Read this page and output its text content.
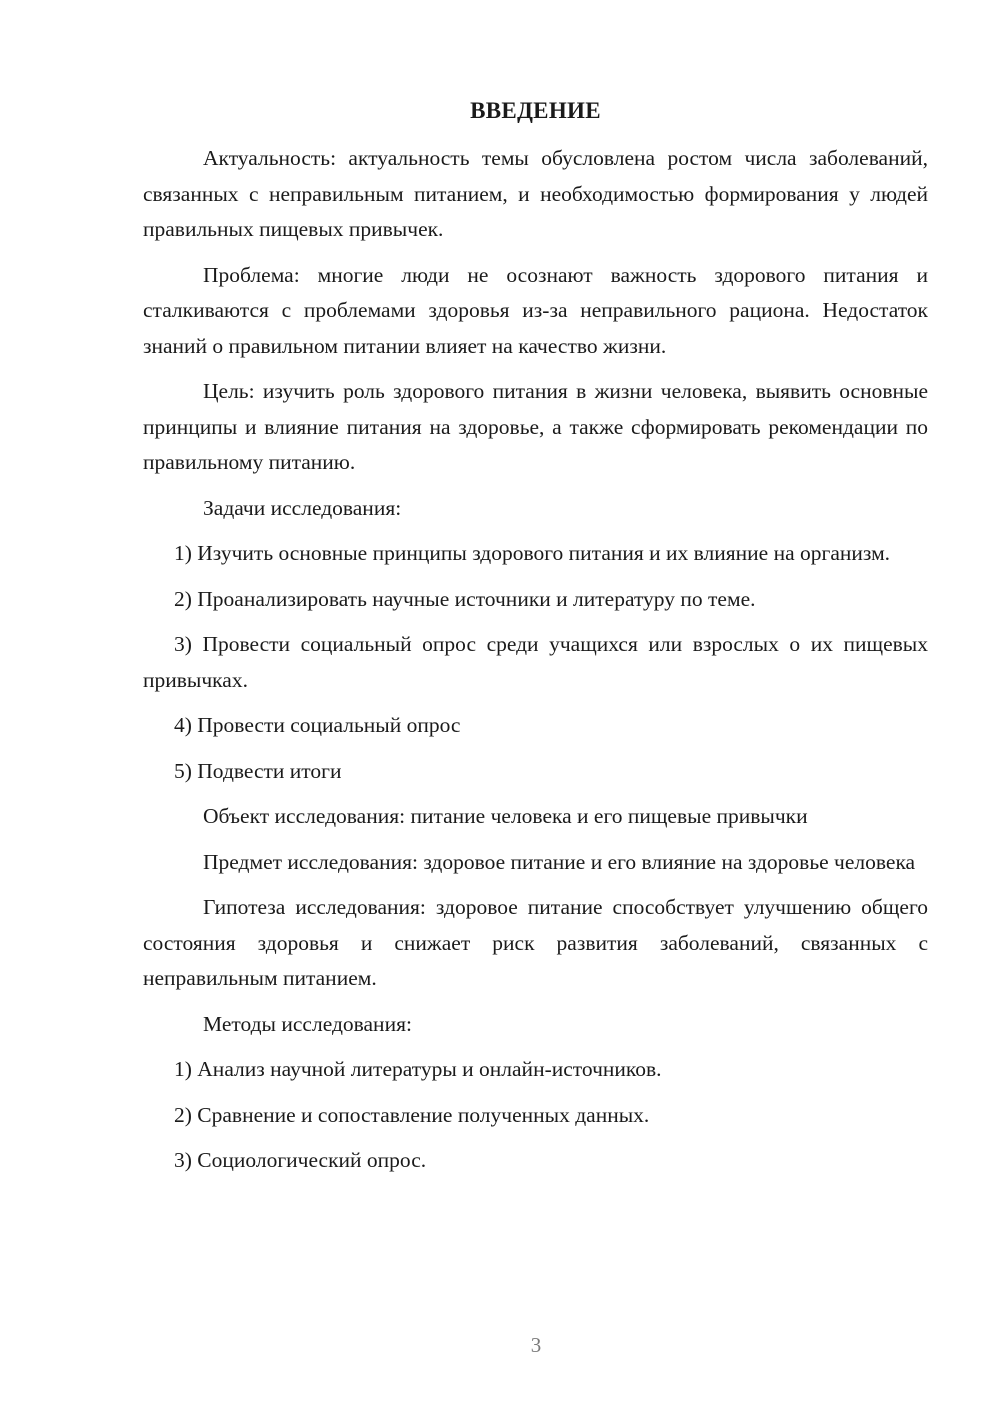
ВВЕДЕНИЕ

Актуальность: актуальность темы обусловлена ростом числа заболеваний, связанных с неправильным питанием, и необходимостью формирования у людей правильных пищевых привычек.

Проблема: многие люди не осознают важность здорового питания и сталкиваются с проблемами здоровья из-за неправильного рациона. Недостаток знаний о правильном питании влияет на качество жизни.

Цель: изучить роль здорового питания в жизни человека, выявить основные принципы и влияние питания на здоровье, а также сформировать рекомендации по правильному питанию.

Задачи исследования:

1) Изучить основные принципы здорового питания и их влияние на организм.

2) Проанализировать научные источники и литературу по теме.

3) Провести социальный опрос среди учащихся или взрослых о их пищевых привычках.

4) Провести социальный опрос

5) Подвести итоги

Объект исследования: питание человека и его пищевые привычки

Предмет исследования: здоровое питание и его влияние на здоровье человека

Гипотеза исследования: здоровое питание способствует улучшению общего состояния здоровья и снижает риск развития заболеваний, связанных с неправильным питанием.

Методы исследования:

1) Анализ научной литературы и онлайн-источников.

2) Сравнение и сопоставление полученных данных.

3) Социологический опрос.

3
